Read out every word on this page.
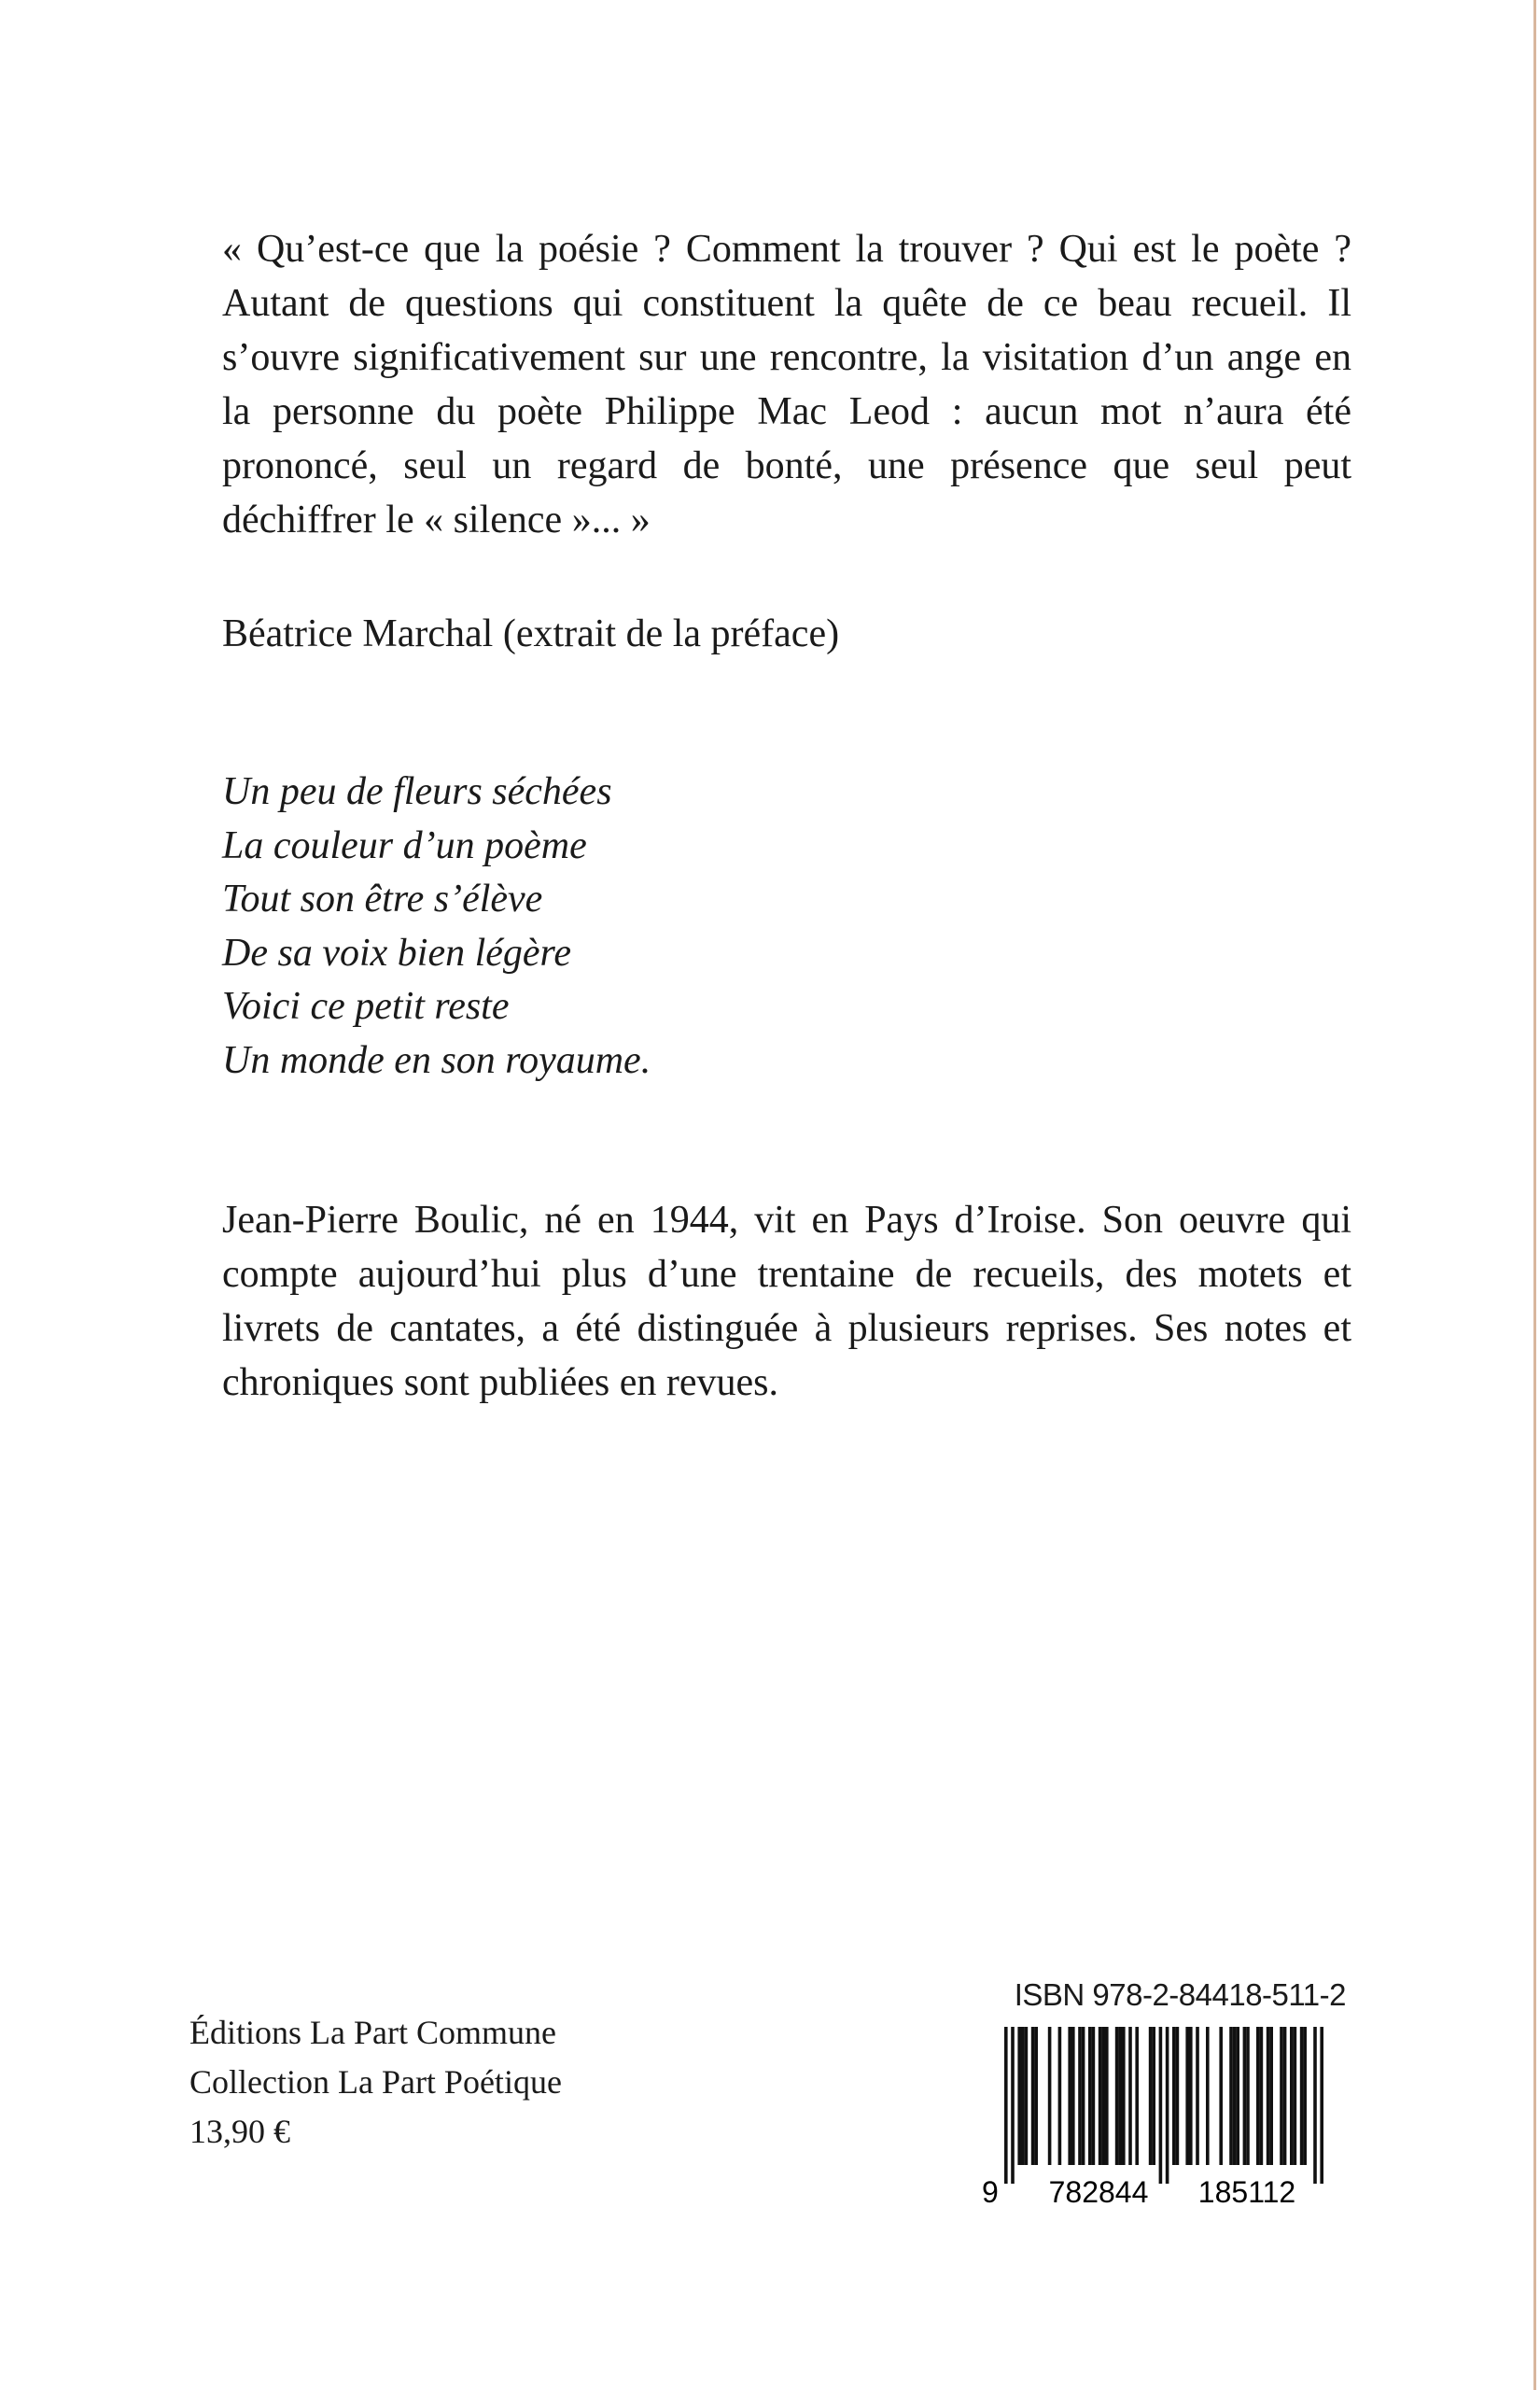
« Qu’est-ce que la poésie ? Comment la trouver ? Qui est le poète ? Autant de questions qui constituent la quête de ce beau recueil. Il s’ouvre significativement sur une rencontre, la visitation d’un ange en la personne du poète Philippe Mac Leod : aucun mot n’aura été prononcé, seul un regard de bonté, une présence que seul peut déchiffrer le « silence »... »

Béatrice Marchal (extrait de la préface)
Un peu de fleurs séchées
La couleur d’un poème
Tout son être s’élève
De sa voix bien légère
Voici ce petit reste
Un monde en son royaume.
Jean-Pierre Boulic, né en 1944, vit en Pays d’Iroise. Son oeuvre qui compte aujourd’hui plus d’une trentaine de recueils, des motets et livrets de cantates, a été distinguée à plusieurs reprises. Ses notes et chroniques sont publiées en revues.
Éditions La Part Commune
Collection La Part Poétique
13,90 €
ISBN 978-2-84418-511-2
9 782844 185112
